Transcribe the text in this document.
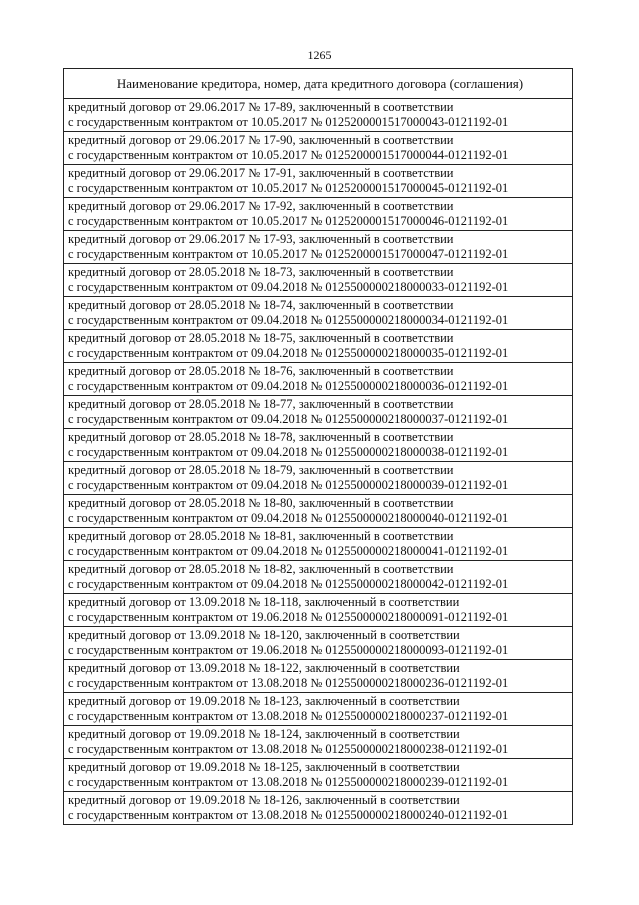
1265
Наименование кредитора, номер, дата кредитного договора (соглашения)

кредитный договор от 29.06.2017 № 17-89, заключенный в соответствии
с государственным контрактом от 10.05.2017 № 0125200001517000043-0121192-01

кредитный договор от 29.06.2017 № 17-90, заключенный в соответствии
с государственным контрактом от 10.05.2017 № 0125200001517000044-0121192-01

кредитный договор от 29.06.2017 № 17-91, заключенный в соответствии
с государственным контрактом от 10.05.2017 № 0125200001517000045-0121192-01

кредитный договор от 29.06.2017 № 17-92, заключенный в соответствии
с государственным контрактом от 10.05.2017 № 0125200001517000046-0121192-01

кредитный договор от 29.06.2017 № 17-93, заключенный в соответствии
с государственным контрактом от 10.05.2017 № 0125200001517000047-0121192-01

кредитный договор от 28.05.2018 № 18-73, заключенный в соответствии
с государственным контрактом от 09.04.2018 № 0125500000218000033-0121192-01

кредитный договор от 28.05.2018 № 18-74, заключенный в соответствии
с государственным контрактом от 09.04.2018 № 0125500000218000034-0121192-01

кредитный договор от 28.05.2018 № 18-75, заключенный в соответствии
с государственным контрактом от 09.04.2018 № 0125500000218000035-0121192-01

кредитный договор от 28.05.2018 № 18-76, заключенный в соответствии
с государственным контрактом от 09.04.2018 № 0125500000218000036-0121192-01

кредитный договор от 28.05.2018 № 18-77, заключенный в соответствии
с государственным контрактом от 09.04.2018 № 0125500000218000037-0121192-01

кредитный договор от 28.05.2018 № 18-78, заключенный в соответствии
с государственным контрактом от 09.04.2018 № 0125500000218000038-0121192-01

кредитный договор от 28.05.2018 № 18-79, заключенный в соответствии
с государственным контрактом от 09.04.2018 № 0125500000218000039-0121192-01

кредитный договор от 28.05.2018 № 18-80, заключенный в соответствии
с государственным контрактом от 09.04.2018 № 0125500000218000040-0121192-01

кредитный договор от 28.05.2018 № 18-81, заключенный в соответствии
с государственным контрактом от 09.04.2018 № 0125500000218000041-0121192-01

кредитный договор от 28.05.2018 № 18-82, заключенный в соответствии
с государственным контрактом от 09.04.2018 № 0125500000218000042-0121192-01

кредитный договор от 13.09.2018 № 18-118, заключенный в соответствии
с государственным контрактом от 19.06.2018 № 0125500000218000091-0121192-01

кредитный договор от 13.09.2018 № 18-120, заключенный в соответствии
с государственным контрактом от 19.06.2018 № 0125500000218000093-0121192-01

кредитный договор от 13.09.2018 № 18-122, заключенный в соответствии
с государственным контрактом от 13.08.2018 № 0125500000218000236-0121192-01

кредитный договор от 19.09.2018 № 18-123, заключенный в соответствии
с государственным контрактом от 13.08.2018 № 0125500000218000237-0121192-01

кредитный договор от 19.09.2018 № 18-124, заключенный в соответствии
с государственным контрактом от 13.08.2018 № 0125500000218000238-0121192-01

кредитный договор от 19.09.2018 № 18-125, заключенный в соответствии
с государственным контрактом от 13.08.2018 № 0125500000218000239-0121192-01

кредитный договор от 19.09.2018 № 18-126, заключенный в соответствии
с государственным контрактом от 13.08.2018 № 0125500000218000240-0121192-01
